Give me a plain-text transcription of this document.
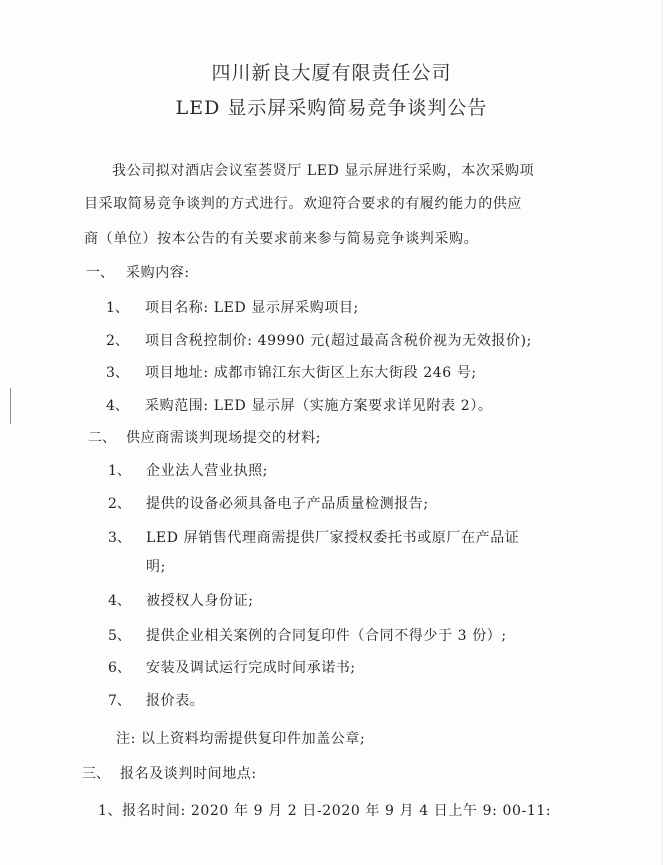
四川新良大厦有限责任公司
LED 显示屏采购简易竞争谈判公告
我公司拟对酒店会议室荟贤厅 LED 显示屏进行采购，本次采购项
目采取简易竞争谈判的方式进行。欢迎符合要求的有履约能力的供应
商（单位）按本公告的有关要求前来参与简易竞争谈判采购。
一、 采购内容:
1、 项目名称: LED 显示屏采购项目;
2、 项目含税控制价: 49990 元(超过最高含税价视为无效报价);
3、 项目地址: 成都市锦江东大街区上东大街段 246 号;
4、 采购范围: LED 显示屏（实施方案要求详见附表 2）。
二、 供应商需谈判现场提交的材料;
1、 企业法人营业执照;
2、 提供的设备必须具备电子产品质量检测报告;
3、 LED 屏销售代理商需提供厂家授权委托书或原厂在产品证
明;
4、 被授权人身份证;
5、 提供企业相关案例的合同复印件（合同不得少于 3 份）;
6、 安装及调试运行完成时间承诺书;
7、 报价表。
注: 以上资料均需提供复印件加盖公章;
三、 报名及谈判时间地点:
1、报名时间: 2020 年 9 月 2 日-2020 年 9 月 4 日上午 9: 00-11:
